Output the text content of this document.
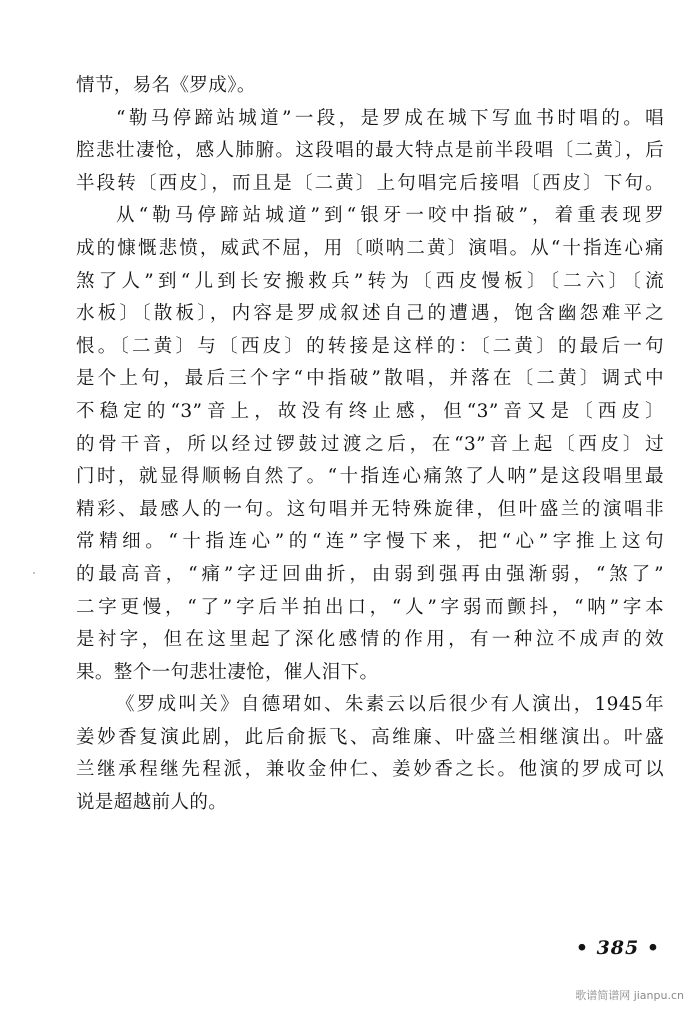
情节，易名《罗成》。
“勒马停蹄站城道”一段，是罗成在城下写血书时唱的。唱
腔悲壮凄怆，感人肺腑。这段唱的最大特点是前半段唱〔二黄〕，后
半段转〔西皮〕，而且是〔二黄〕上句唱完后接唱〔西皮〕下句。
从“勒马停蹄站城道”到“银牙一咬中指破”，着重表现罗
成的慷慨悲愤，威武不屈，用〔唢呐二黄〕演唱。从“十指连心痛
煞了人”到“儿到长安搬救兵”转为〔西皮慢板〕〔二六〕〔流
水板〕〔散板〕，内容是罗成叙述自己的遭遇，饱含幽怨难平之
恨。〔二黄〕与〔西皮〕的转接是这样的：〔二黄〕的最后一句
是个上句，最后三个字“中指破”散唱，并落在〔二黄〕调式中
不稳定的“3”音上，故没有终止感，但“3”音又是〔西皮〕
的骨干音，所以经过锣鼓过渡之后，在“3”音上起〔西皮〕过
门时，就显得顺畅自然了。“十指连心痛煞了人呐”是这段唱里最
精彩、最感人的一句。这句唱并无特殊旋律，但叶盛兰的演唱非
常精细。“十指连心”的“连”字慢下来，把“心”字推上这句
的最高音，“痛”字迂回曲折，由弱到强再由强渐弱，“煞了”
二字更慢，“了”字后半拍出口，“人”字弱而颤抖，“呐”字本
是衬字，但在这里起了深化感情的作用，有一种泣不成声的效
果。整个一句悲壮凄怆，催人泪下。
《罗成叫关》自德珺如、朱素云以后很少有人演出，1945年
姜妙香复演此剧，此后俞振飞、高维廉、叶盛兰相继演出。叶盛
兰继承程继先程派，兼收金仲仁、姜妙香之长。他演的罗成可以
说是超越前人的。
• 385 •
歌谱简谱网 jianpu.cn
